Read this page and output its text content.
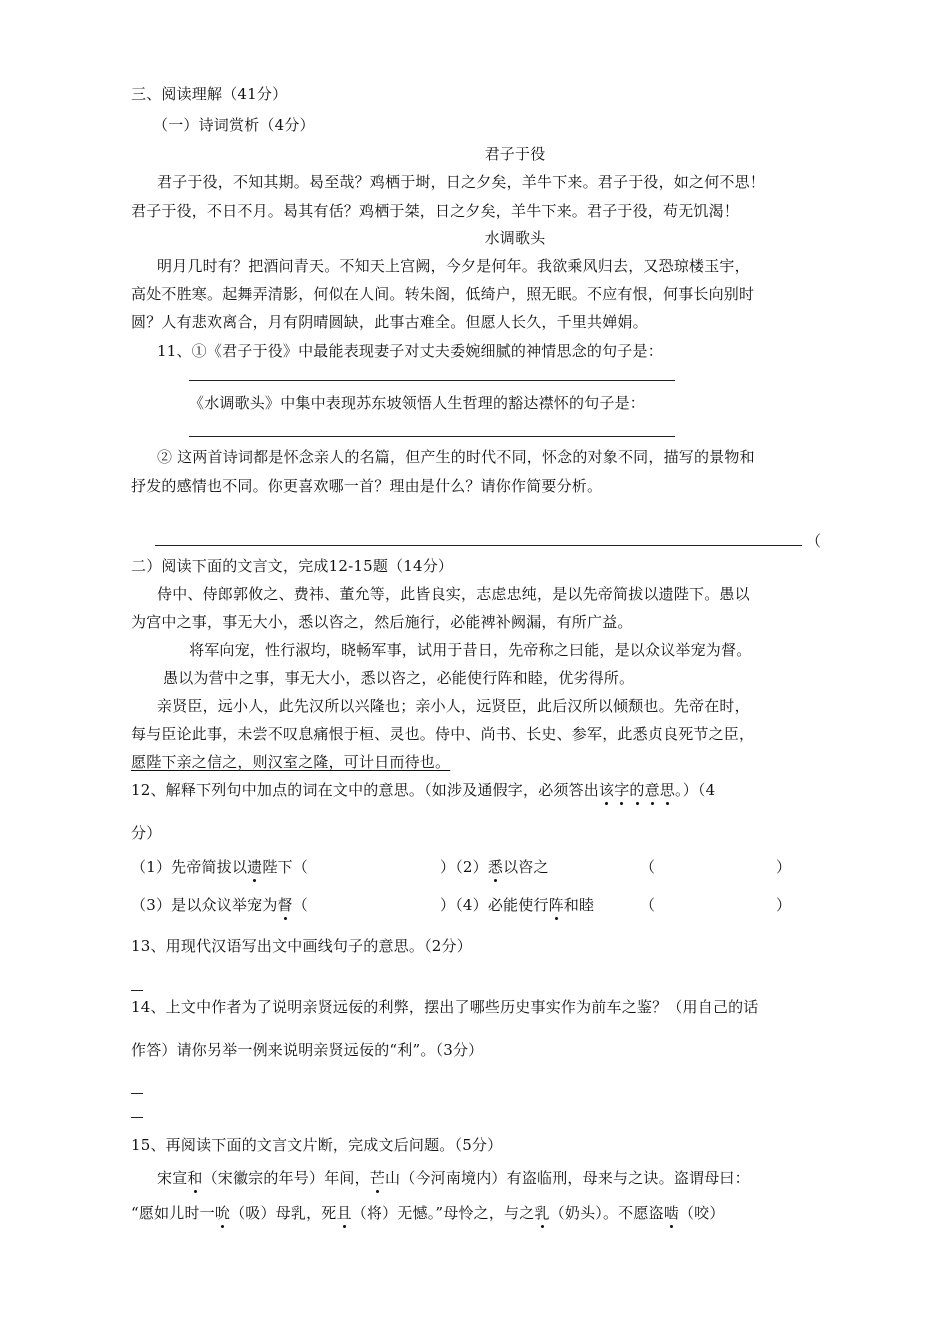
三、阅读理解（41分）
（一）诗词赏析（4分）
君子于役
君子于役，不知其期。曷至哉？鸡栖于埘，日之夕矣，羊牛下来。君子于役，如之何不思！
君子于役，不日不月。曷其有佸？鸡栖于桀，日之夕矣，羊牛下来。君子于役，苟无饥渴！
水调歌头
明月几时有？把酒问青天。不知天上宫阙，今夕是何年。我欲乘风归去，又恐琼楼玉宇，
高处不胜寒。起舞弄清影，何似在人间。转朱阁，低绮户，照无眠。不应有恨，何事长向别时
圆？人有悲欢离合，月有阴晴圆缺，此事古难全。但愿人长久，千里共婵娟。
11、①《君子于役》中最能表现妻子对丈夫委婉细腻的神情思念的句子是：
《水调歌头》中集中表现苏东坡领悟人生哲理的豁达襟怀的句子是：
② 这两首诗词都是怀念亲人的名篇，但产生的时代不同，怀念的对象不同，描写的景物和
抒发的感情也不同。你更喜欢哪一首？理由是什么？请你作简要分析。
（
二）阅读下面的文言文，完成12-15题（14分）
侍中、侍郎郭攸之、费祎、董允等，此皆良实，志虑忠纯，是以先帝简拔以遗陛下。愚以
为宫中之事，事无大小，悉以咨之，然后施行，必能裨补阙漏，有所广益。
将军向宠，性行淑均，晓畅军事，试用于昔日，先帝称之曰能，是以众议举宠为督。
愚以为营中之事，事无大小，悉以咨之，必能使行阵和睦，优劣得所。
亲贤臣，远小人，此先汉所以兴隆也；亲小人，远贤臣，此后汉所以倾颓也。先帝在时，
每与臣论此事，未尝不叹息痛恨于桓、灵也。侍中、尚书、长史、参军，此悉贞良死节之臣，
愿陛下亲之信之，则汉室之隆，可计日而待也。
12、解释下列句中加点的词在文中的意思。（如涉及通假字，必须答出该字的意思。）（4
分）
（1）先帝简拔以遗陛下（	）（2）悉以咨之	（	）
（3）是以众议举宠为督（	）（4）必能使行阵和睦	（	）
13、用现代汉语写出文中画线句子的意思。（2分）
14、上文中作者为了说明亲贤远佞的利弊，摆出了哪些历史事实作为前车之鉴？（用自己的话
作答）请你另举一例来说明亲贤远佞的“利”。（3分）
15、再阅读下面的文言文片断，完成文后问题。（5分）
宋宣和（宋徽宗的年号）年间，芒山（今河南境内）有盗临刑，母来与之诀。盗谓母曰：
“愿如儿时一吮（吸）母乳，死且（将）无憾。”母怜之，与之乳（奶头）。不愿盗啮（咬）
